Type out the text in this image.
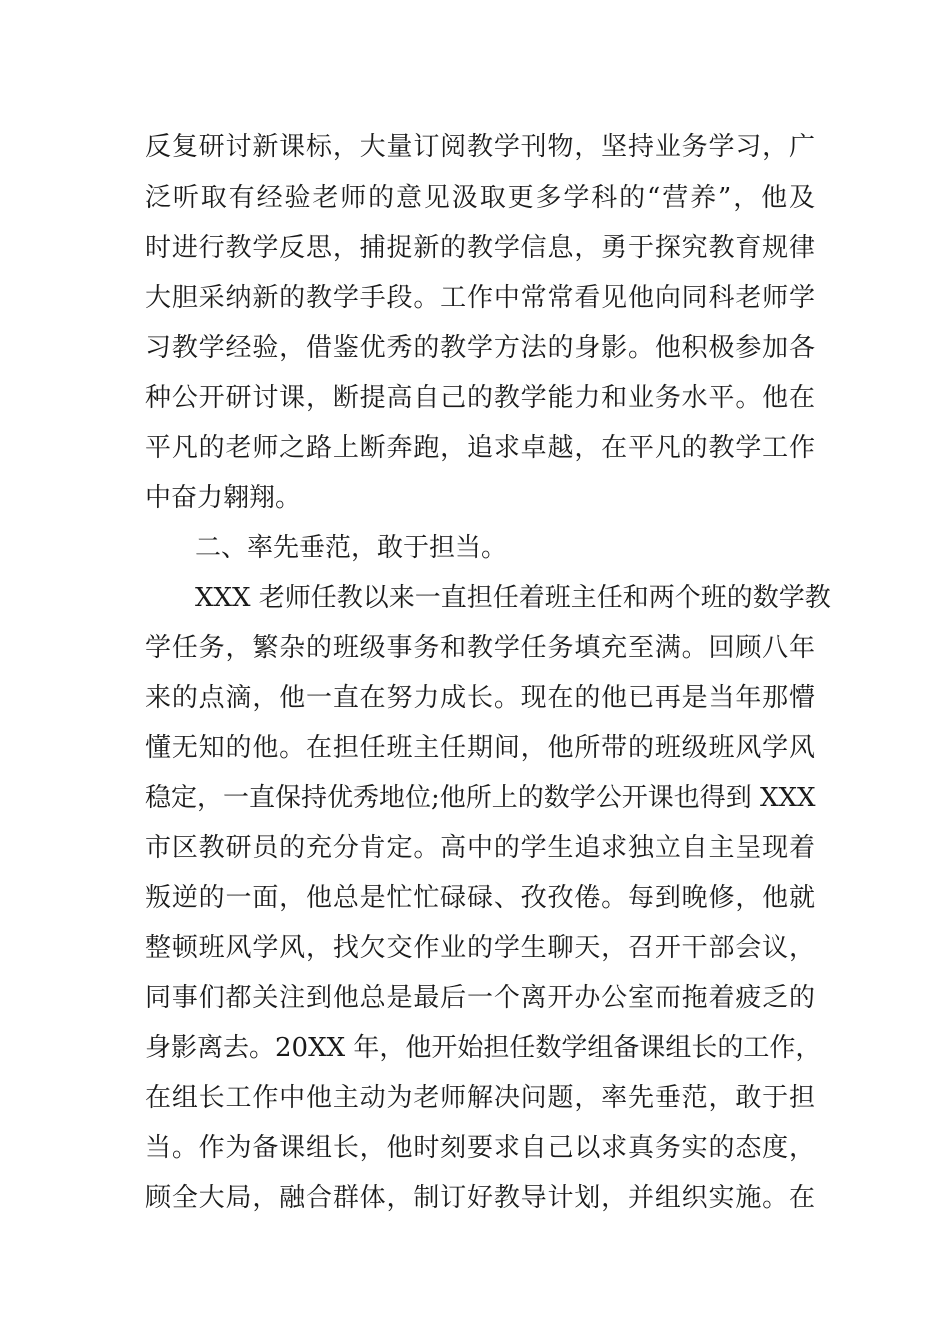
反复研讨新课标，大量订阅教学刊物，坚持业务学习，广
泛听取有经验老师的意见汲取更多学科的“营养”，他及
时进行教学反思，捕捉新的教学信息，勇于探究教育规律
大胆采纳新的教学手段。工作中常常看见他向同科老师学
习教学经验，借鉴优秀的教学方法的身影。他积极参加各
种公开研讨课，断提高自己的教学能力和业务水平。他在
平凡的老师之路上断奔跑，追求卓越，在平凡的教学工作
中奋力翱翔。
二、率先垂范，敢于担当。
XXX 老师任教以来一直担任着班主任和两个班的数学教
学任务，繁杂的班级事务和教学任务填充至满。回顾八年
来的点滴，他一直在努力成长。现在的他已再是当年那懵
懂无知的他。在担任班主任期间，他所带的班级班风学风
稳定，一直保持优秀地位;他所上的数学公开课也得到 XXX
市区教研员的充分肯定。高中的学生追求独立自主呈现着
叛逆的一面，他总是忙忙碌碌、孜孜倦。每到晚修，他就
整顿班风学风，找欠交作业的学生聊天，召开干部会议，
同事们都关注到他总是最后一个离开办公室而拖着疲乏的
身影离去。20XX 年，他开始担任数学组备课组长的工作，
在组长工作中他主动为老师解决问题，率先垂范，敢于担
当。作为备课组长，他时刻要求自己以求真务实的态度，
顾全大局，融合群体，制订好教导计划，并组织实施。在
